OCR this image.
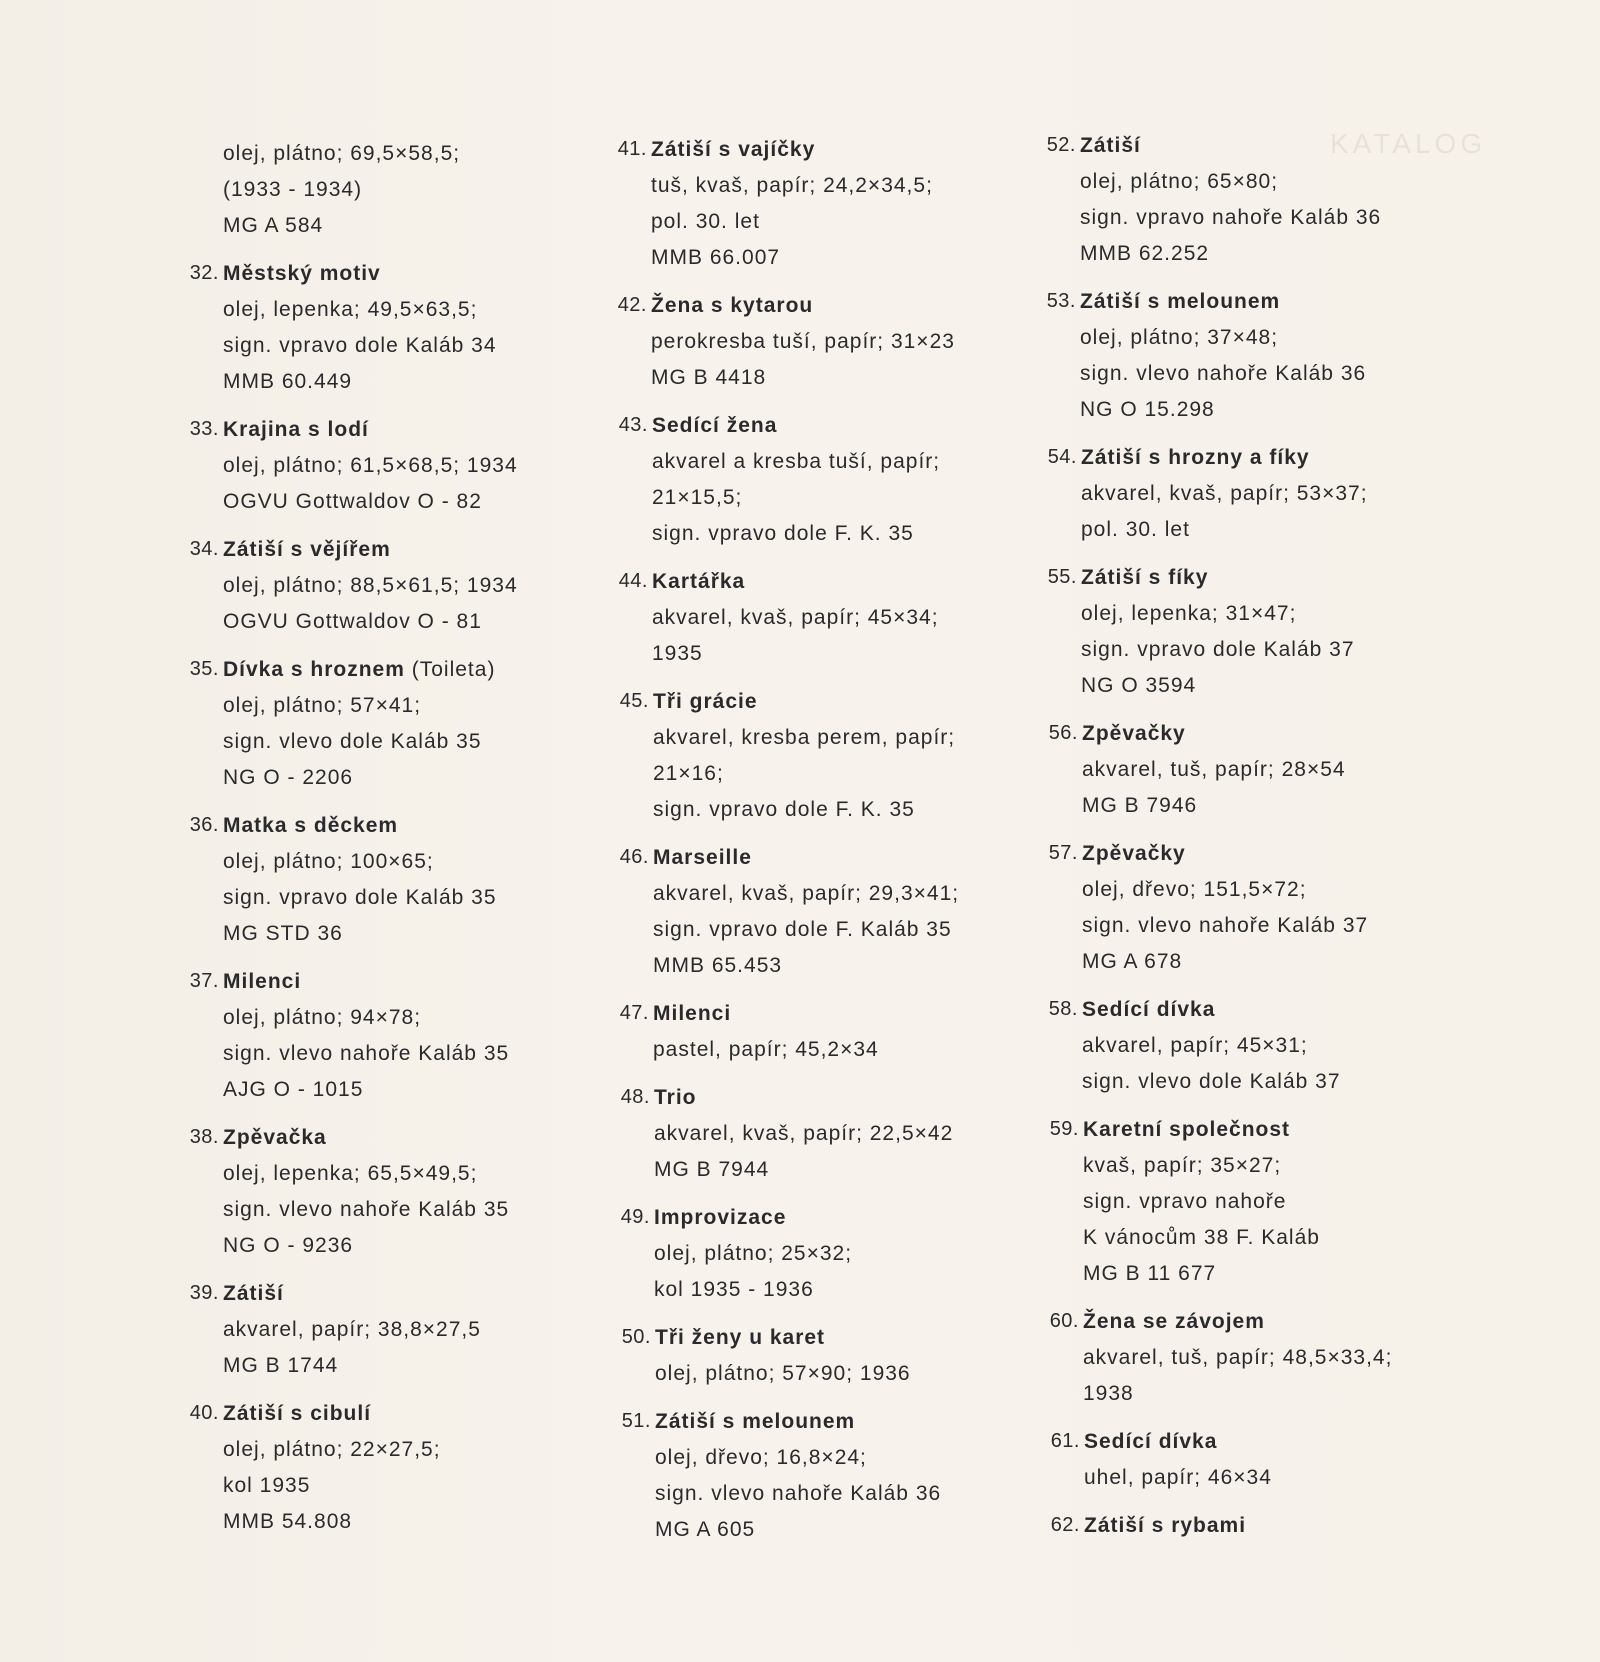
KATALOG
olej, plátno; 69,5×58,5;
(1933 - 1934)
MG A 584
32. Městský motiv
olej, lepenka; 49,5×63,5;
sign. vpravo dole Kaláb 34
MMB 60.449
33. Krajina s lodí
olej, plátno; 61,5×68,5; 1934
OGVU Gottwaldov O - 82
34. Zátiší s vějířem
olej, plátno; 88,5×61,5; 1934
OGVU Gottwaldov O - 81
35. Dívka s hroznem (Toileta)
olej, plátno; 57×41;
sign. vlevo dole Kaláb 35
NG O - 2206
36. Matka s děckem
olej, plátno; 100×65;
sign. vpravo dole Kaláb 35
MG STD 36
37. Milenci
olej, plátno; 94×78;
sign. vlevo nahoře Kaláb 35
AJG O - 1015
38. Zpěvačka
olej, lepenka; 65,5×49,5;
sign. vlevo nahoře Kaláb 35
NG O - 9236
39. Zátiší
akvarel, papír; 38,8×27,5
MG B 1744
40. Zátiší s cibulí
olej, plátno; 22×27,5;
kol 1935
MMB 54.808
41. Zátiší s vajíčky
tuš, kvaš, papír; 24,2×34,5;
pol. 30. let
MMB 66.007
42. Žena s kytarou
perokresba tuší, papír; 31×23
MG B 4418
43. Sedící žena
akvarel a kresba tuší, papír;
21×15,5;
sign. vpravo dole F. K. 35
44. Kartářka
akvarel, kvaš, papír; 45×34;
1935
45. Tři grácie
akvarel, kresba perem, papír;
21×16;
sign. vpravo dole F. K. 35
46. Marseille
akvarel, kvaš, papír; 29,3×41;
sign. vpravo dole F. Kaláb 35
MMB 65.453
47. Milenci
pastel, papír; 45,2×34
48. Trio
akvarel, kvaš, papír; 22,5×42
MG B 7944
49. Improvizace
olej, plátno; 25×32;
kol 1935 - 1936
50. Tři ženy u karet
olej, plátno; 57×90; 1936
51. Zátiší s melounem
olej, dřevo; 16,8×24;
sign. vlevo nahoře Kaláb 36
MG A 605
52. Zátiší
olej, plátno; 65×80;
sign. vpravo nahoře Kaláb 36
MMB 62.252
53. Zátiší s melounem
olej, plátno; 37×48;
sign. vlevo nahoře Kaláb 36
NG O 15.298
54. Zátiší s hrozny a fíky
akvarel, kvaš, papír; 53×37;
pol. 30. let
55. Zátiší s fíky
olej, lepenka; 31×47;
sign. vpravo dole Kaláb 37
NG O 3594
56. Zpěvačky
akvarel, tuš, papír; 28×54
MG B 7946
57. Zpěvačky
olej, dřevo; 151,5×72;
sign. vlevo nahoře Kaláb 37
MG A 678
58. Sedící dívka
akvarel, papír; 45×31;
sign. vlevo dole Kaláb 37
59. Karetní společnost
kvaš, papír; 35×27;
sign. vpravo nahoře
K vánocům 38 F. Kaláb
MG B 11 677
60. Žena se závojem
akvarel, tuš, papír; 48,5×33,4;
1938
61. Sedící dívka
uhel, papír; 46×34
62. Zátiší s rybami
